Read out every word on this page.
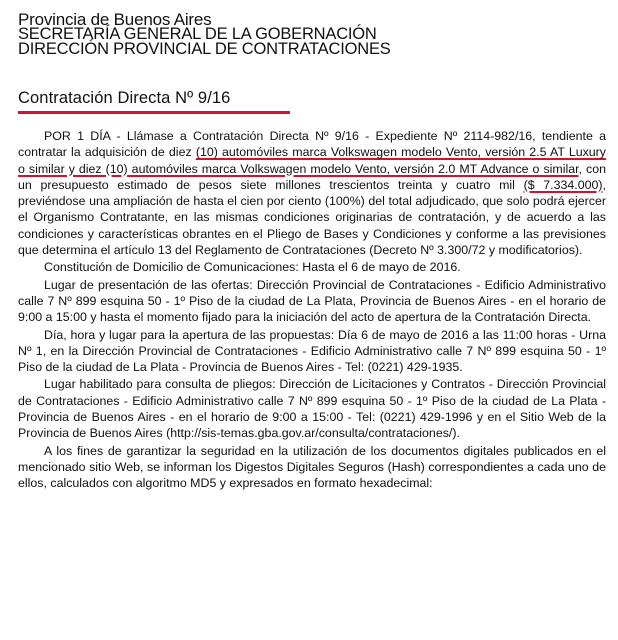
Provincia de Buenos Aires
SECRETARÍA GENERAL DE LA GOBERNACIÓN
DIRECCIÓN PROVINCIAL DE CONTRATACIONES
Contratación Directa Nº 9/16

POR 1 DÍA - Llámase a Contratación Directa Nº 9/16 - Expediente Nº 2114-982/16, tendiente a contratar la adquisición de diez (10) automóviles marca Volkswagen modelo Vento, versión 2.5 AT Luxury o similar y diez (10) automóviles marca Volkswagen modelo Vento, versión 2.0 MT Advance o similar, con un presupuesto estimado de pesos siete millones trescientos treinta y cuatro mil ($ 7.334.000), previéndose una ampliación de hasta el cien por ciento (100%) del total adjudicado, que solo podrá ejercer el Organismo Contratante, en las mismas condiciones originarias de contratación, y de acuerdo a las condiciones y características obrantes en el Pliego de Bases y Condiciones y conforme a las previsiones que determina el artículo 13 del Reglamento de Contrataciones (Decreto Nº 3.300/72 y modificatorios).

Constitución de Domicilio de Comunicaciones: Hasta el 6 de mayo de 2016.

Lugar de presentación de las ofertas: Dirección Provincial de Contrataciones - Edificio Administrativo calle 7 Nº 899 esquina 50 - 1º Piso de la ciudad de La Plata, Provincia de Buenos Aires - en el horario de 9:00 a 15:00 y hasta el momento fijado para la iniciación del acto de apertura de la Contratación Directa.

Día, hora y lugar para la apertura de las propuestas: Día 6 de mayo de 2016 a las 11:00 horas - Urna Nº 1, en la Dirección Provincial de Contrataciones - Edificio Administrativo calle 7 Nº 899 esquina 50 - 1º Piso de la ciudad de La Plata - Provincia de Buenos Aires - Tel: (0221) 429-1935.

Lugar habilitado para consulta de pliegos: Dirección de Licitaciones y Contratos - Dirección Provincial de Contrataciones - Edificio Administrativo calle 7 Nº 899 esquina 50 - 1º Piso de la ciudad de La Plata - Provincia de Buenos Aires - en el horario de 9:00 a 15:00 - Tel: (0221) 429-1996 y en el Sitio Web de la Provincia de Buenos Aires (http://sis-temas.gba.gov.ar/consulta/contrataciones/).

A los fines de garantizar la seguridad en la utilización de los documentos digitales publicados en el mencionado sitio Web, se informan los Digestos Digitales Seguros (Hash) correspondientes a cada uno de ellos, calculados con algoritmo MD5 y expresados en formato hexadecimal:
